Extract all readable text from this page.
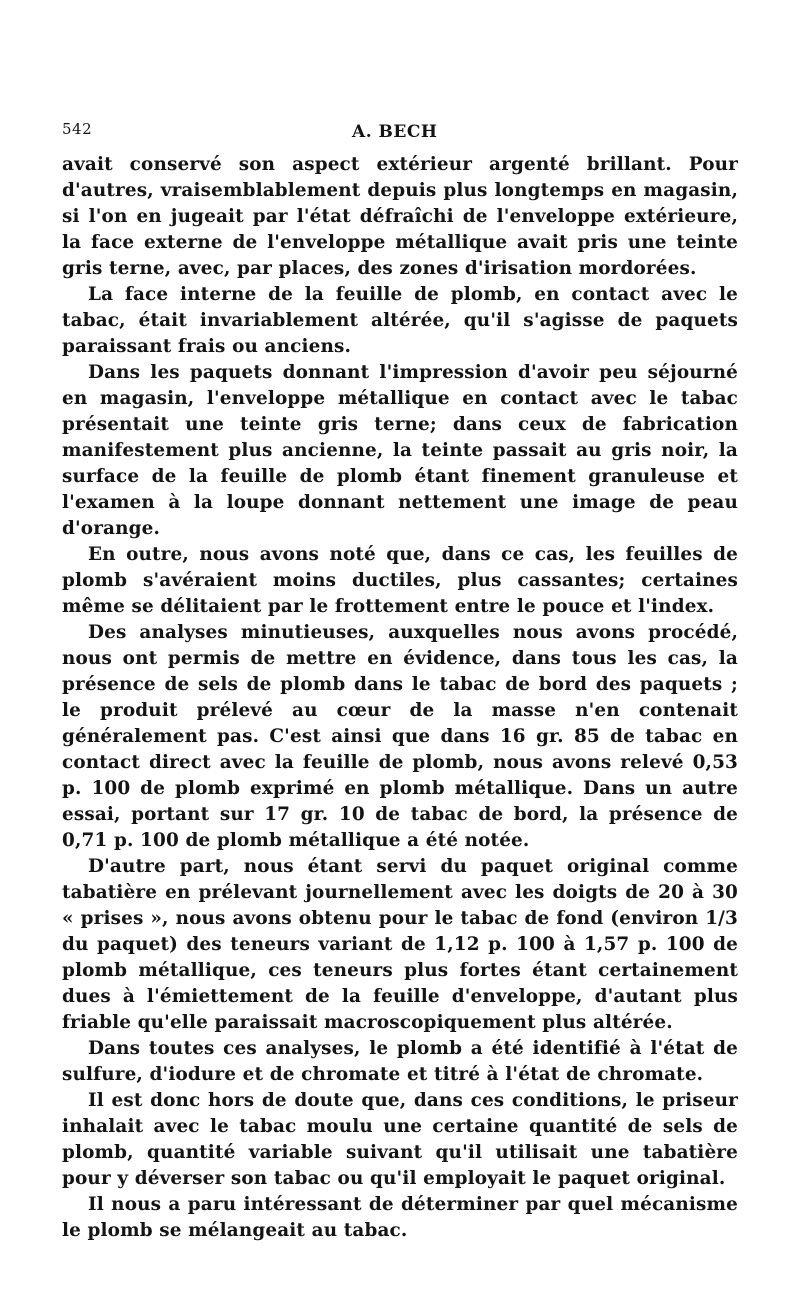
542	A. BECH

avait conservé son aspect extérieur argenté brillant. Pour d'autres, vraisemblablement depuis plus longtemps en magasin, si l'on en jugeait par l'état défraîchi de l'enveloppe extérieure, la face externe de l'enveloppe métallique avait pris une teinte gris terne, avec, par places, des zones d'irisation mordorées.

La face interne de la feuille de plomb, en contact avec le tabac, était invariablement altérée, qu'il s'agisse de paquets paraissant frais ou anciens.

Dans les paquets donnant l'impression d'avoir peu séjourné en magasin, l'enveloppe métallique en contact avec le tabac présentait une teinte gris terne; dans ceux de fabrication manifestement plus ancienne, la teinte passait au gris noir, la surface de la feuille de plomb étant finement granuleuse et l'examen à la loupe donnant nettement une image de peau d'orange.

En outre, nous avons noté que, dans ce cas, les feuilles de plomb s'avéraient moins ductiles, plus cassantes; certaines même se délitaient par le frottement entre le pouce et l'index.

Des analyses minutieuses, auxquelles nous avons procédé, nous ont permis de mettre en évidence, dans tous les cas, la présence de sels de plomb dans le tabac de bord des paquets ; le produit prélevé au cœur de la masse n'en contenait généralement pas. C'est ainsi que dans 16 gr. 85 de tabac en contact direct avec la feuille de plomb, nous avons relevé 0,53 p. 100 de plomb exprimé en plomb métallique. Dans un autre essai, portant sur 17 gr. 10 de tabac de bord, la présence de 0,71 p. 100 de plomb métallique a été notée.

D'autre part, nous étant servi du paquet original comme tabatière en prélevant journellement avec les doigts de 20 à 30 « prises », nous avons obtenu pour le tabac de fond (environ 1/3 du paquet) des teneurs variant de 1,12 p. 100 à 1,57 p. 100 de plomb métallique, ces teneurs plus fortes étant certainement dues à l'émiettement de la feuille d'enveloppe, d'autant plus friable qu'elle paraissait macroscopiquement plus altérée.

Dans toutes ces analyses, le plomb a été identifié à l'état de sulfure, d'iodure et de chromate et titré à l'état de chromate.

Il est donc hors de doute que, dans ces conditions, le priseur inhalait avec le tabac moulu une certaine quantité de sels de plomb, quantité variable suivant qu'il utilisait une tabatière pour y déverser son tabac ou qu'il employait le paquet original.

Il nous a paru intéressant de déterminer par quel mécanisme le plomb se mélangeait au tabac.
